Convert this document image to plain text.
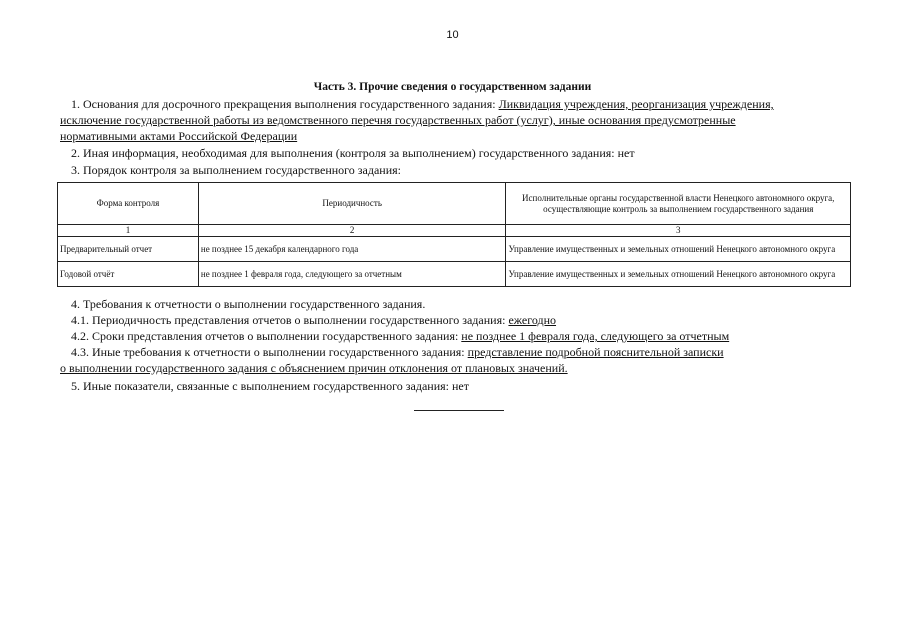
10
Часть 3. Прочие сведения о государственном задании
1. Основания для досрочного прекращения выполнения государственного задания: Ликвидация учреждения, реорганизация учреждения,
исключение государственной работы из ведомственного перечня государственных работ (услуг), иные основания предусмотренные
нормативными актами Российской Федерации
2. Иная информация, необходимая для выполнения (контроля за выполнением) государственного задания: нет
3. Порядок контроля за выполнением государственного задания:
Форма контроля	Периодичность	Исполнительные органы государственной власти Ненецкого автономного округа, осуществляющие контроль за выполнением государственного задания
1	2	3
Предварительный отчет	не позднее 15 декабря календарного года	Управление имущественных и земельных отношений Ненецкого автономного округа
Годовой отчёт	не позднее 1 февраля года, следующего за отчетным	Управление имущественных и земельных отношений Ненецкого автономного округа
4. Требования к отчетности о выполнении государственного задания.
4.1. Периодичность представления отчетов о выполнении государственного задания: ежегодно
4.2. Сроки представления отчетов о выполнении государственного задания: не позднее 1 февраля года, следующего за отчетным
4.3. Иные требования к отчетности о выполнении государственного задания: представление подробной пояснительной записки
о выполнении государственного задания с объяснением причин отклонения от плановых значений.
5. Иные показатели, связанные с выполнением государственного задания: нет
